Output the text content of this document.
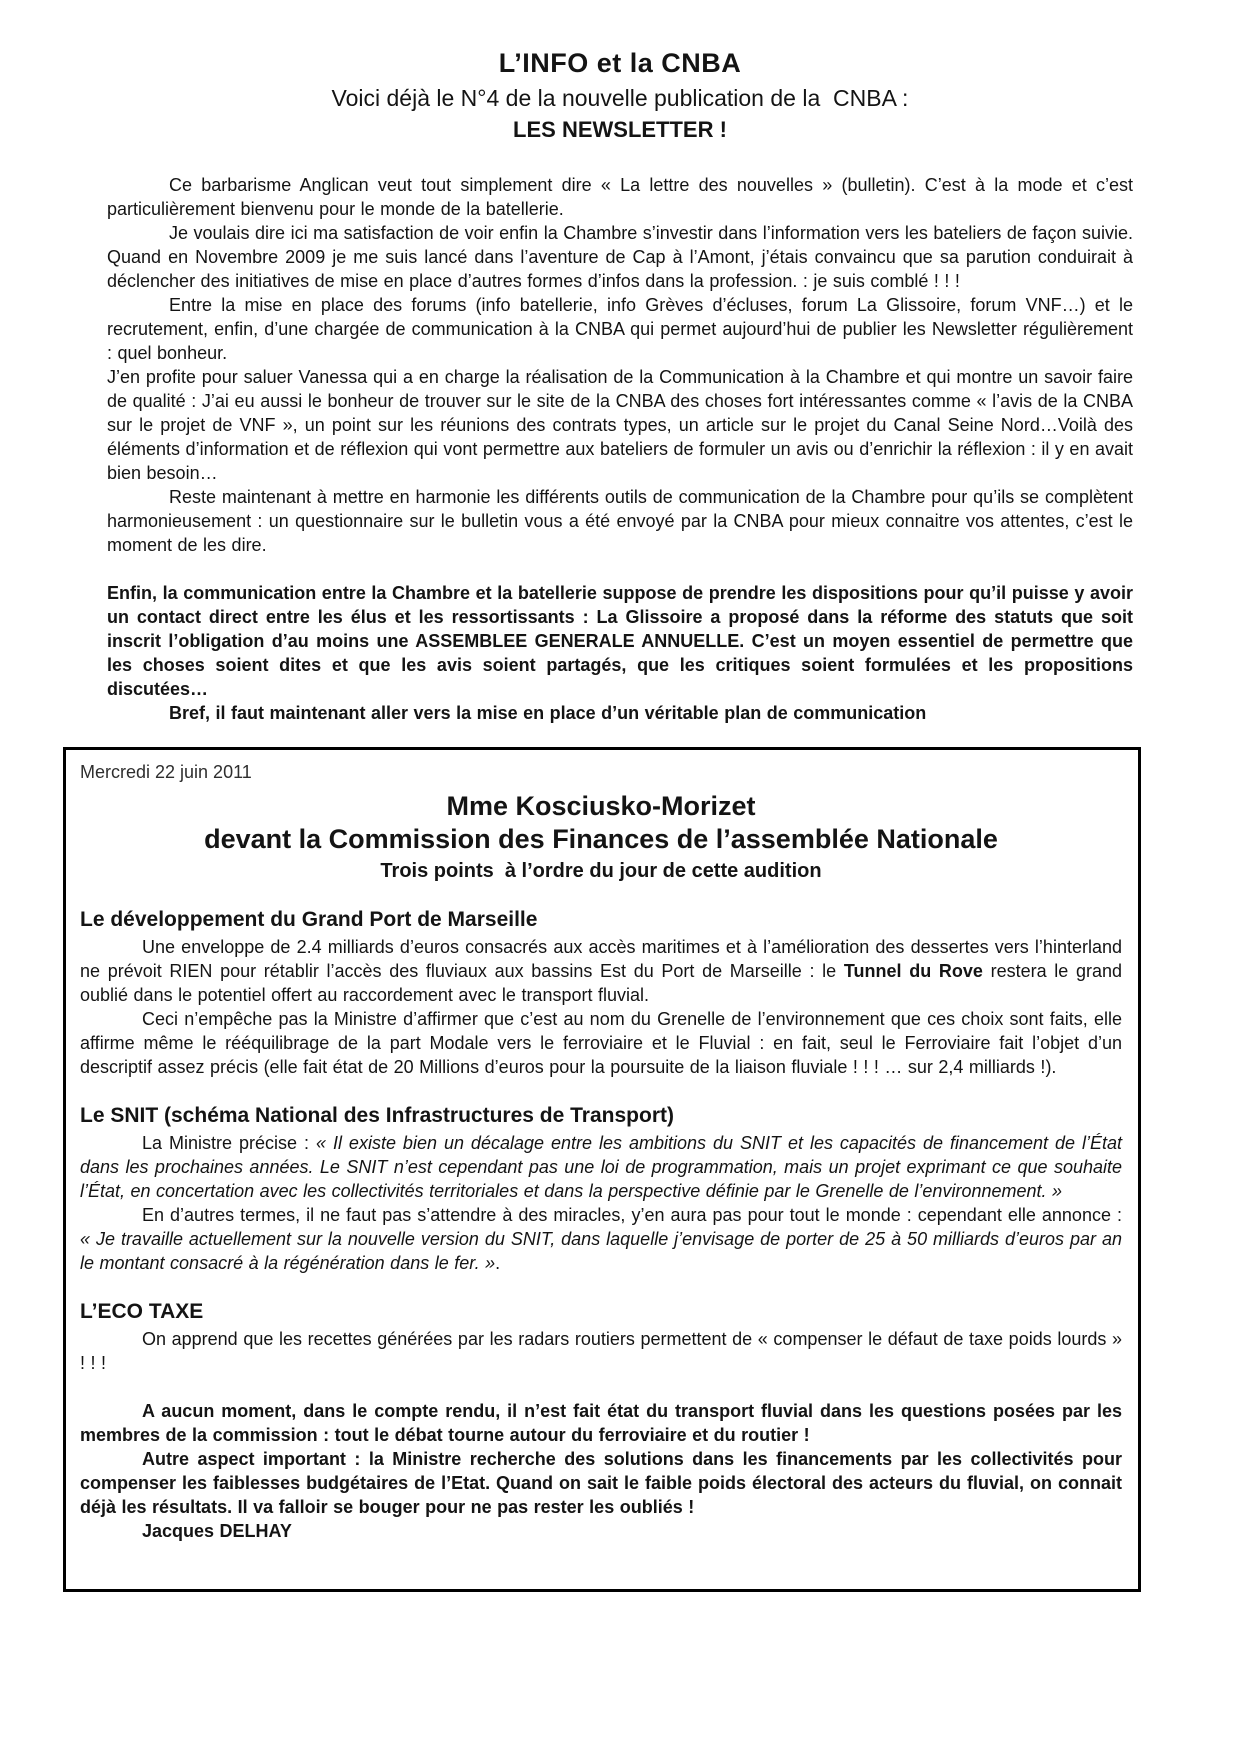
L’INFO et la CNBA
Voici déjà le N°4 de la nouvelle publication de la  CNBA :
LES NEWSLETTER !

Ce barbarisme Anglican veut tout simplement dire « La lettre des nouvelles » (bulletin). C’est à la mode et c’est particulièrement bienvenu pour le monde de la batellerie.

Je voulais dire ici ma satisfaction de voir enfin la Chambre s’investir dans l’information vers les bateliers de façon suivie. Quand en Novembre 2009 je me suis lancé dans l’aventure de Cap à l’Amont, j’étais convaincu que sa parution conduirait à déclencher des initiatives de mise en place d’autres formes d’infos dans la profession. : je suis comblé ! ! !

Entre la mise en place des forums (info batellerie, info Grèves d’écluses, forum La Glissoire, forum VNF…) et le recrutement, enfin, d’une chargée de communication à la CNBA qui permet aujourd’hui de publier les Newsletter régulièrement : quel bonheur.

J’en profite pour saluer Vanessa qui a en charge la réalisation de la Communication à la Chambre et qui montre un savoir faire de qualité : J’ai eu aussi le bonheur de trouver sur le site de la CNBA des choses fort intéressantes comme « l’avis de la CNBA sur le projet de VNF », un point sur les réunions des contrats types, un article sur le projet du Canal Seine Nord…Voilà des éléments d’information et de réflexion qui vont permettre aux bateliers de formuler un avis ou d’enrichir la réflexion : il y en avait bien besoin…

Reste maintenant à mettre en harmonie les différents outils de communication de la Chambre pour qu’ils se complètent harmonieusement : un questionnaire sur le bulletin vous a été envoyé par la CNBA pour mieux connaitre vos attentes, c’est le moment de les dire.

Enfin, la communication entre la Chambre et la batellerie suppose de prendre les dispositions pour qu’il puisse y avoir un contact direct entre les élus et les ressortissants : La Glissoire a proposé dans la réforme des statuts que soit inscrit l’obligation d’au moins une ASSEMBLEE GENERALE ANNUELLE. C’est un moyen essentiel de permettre que les choses soient dites et que les avis soient partagés, que les critiques soient formulées et les propositions discutées…

Bref, il faut maintenant aller vers la mise en place d’un véritable plan de communication

Mercredi 22 juin 2011
Mme Kosciusko-Morizet
devant la Commission des Finances de l’assemblée Nationale
Trois points  à l’ordre du jour de cette audition
Le développement du Grand Port de Marseille

Une enveloppe de 2.4 milliards d’euros consacrés aux accès maritimes et à l’amélioration des dessertes vers l’hinterland ne prévoit RIEN pour rétablir l’accès des fluviaux aux bassins Est du Port de Marseille : le Tunnel du Rove restera le grand oublié dans le potentiel offert au raccordement avec le transport fluvial.

Ceci n’empêche pas la Ministre d’affirmer que c’est au nom du Grenelle de l’environnement que ces choix sont faits, elle affirme même le rééquilibrage de la part Modale vers le ferroviaire et le Fluvial : en fait, seul le Ferroviaire fait l’objet d’un descriptif assez précis (elle fait état de 20 Millions d’euros pour la poursuite de la liaison fluviale ! ! ! … sur 2,4 milliards !).

Le SNIT (schéma National des Infrastructures de Transport)

La Ministre précise : « Il existe bien un décalage entre les ambitions du SNIT et les capacités de financement de l’État dans les prochaines années. Le SNIT n’est cependant pas une loi de programmation, mais un projet exprimant ce que souhaite l’État, en concertation avec les collectivités territoriales et dans la perspective définie par le Grenelle de l’environnement. »

En d’autres termes, il ne faut pas s’attendre à des miracles, y’en aura pas pour tout le monde : cependant elle annonce : « Je travaille actuellement sur la nouvelle version du SNIT, dans laquelle j’envisage de porter de 25 à 50 milliards d’euros par an le montant consacré à la régénération dans le fer. ».

L’ECO TAXE

On apprend que les recettes générées par les radars routiers permettent de « compenser le défaut de taxe poids lourds » ! ! !

A aucun moment, dans le compte rendu, il n’est fait état du transport fluvial dans les questions posées par les membres de la commission : tout le débat tourne autour du ferroviaire et du routier !

Autre aspect important : la Ministre recherche des solutions dans les financements par les collectivités pour compenser les faiblesses budgétaires de l’Etat. Quand on sait le faible poids électoral des acteurs du fluvial, on connait déjà les résultats. Il va falloir se bouger pour ne pas rester les oubliés !

Jacques DELHAY
